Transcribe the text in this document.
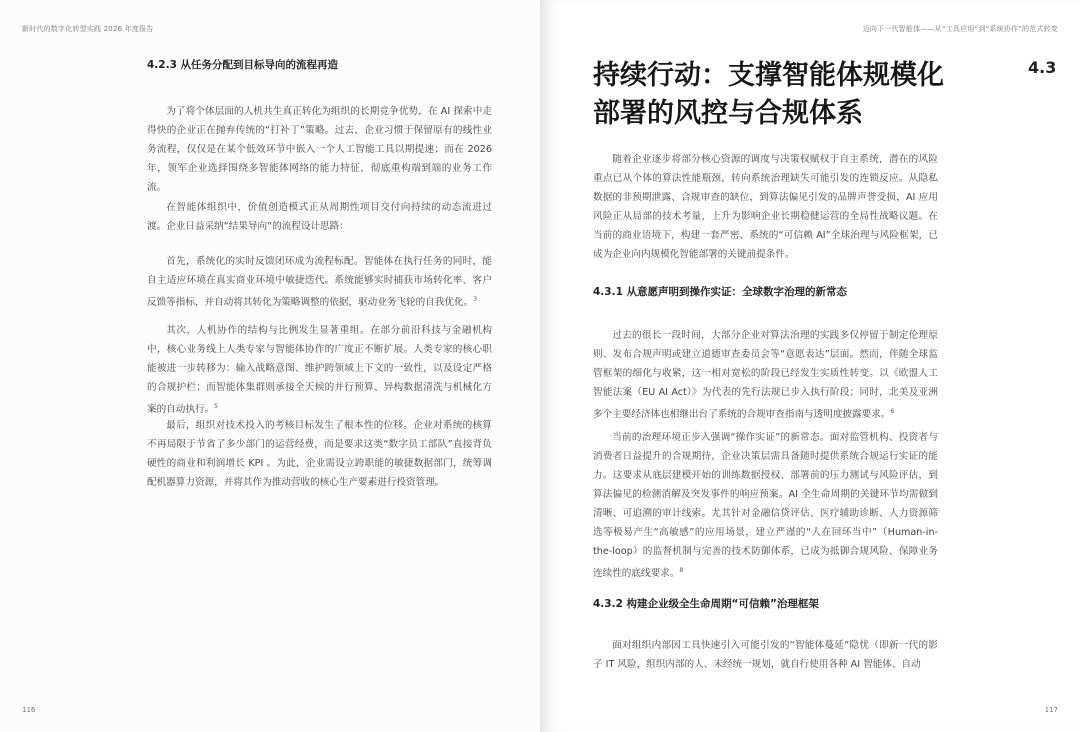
新时代的数字化转型实践 2026 年度报告
4.2.3 从任务分配到目标导向的流程再造

为了将个体层面的人机共生真正转化为组织的长期竞争优势，在 AI 探索中走得快的企业正在抛弃传统的“打补丁”策略。过去，企业习惯于保留原有的线性业务流程，仅仅是在某个低效环节中嵌入一个人工智能工具以期提速；而在 2026 年，领军企业选择围绕多智能体网络的能力特征，彻底重构端到端的业务工作流。

在智能体组织中，价值创造模式正从周期性项目交付向持续的动态流进过渡。企业日益采纳“结果导向”的流程设计思路：

首先，系统化的实时反馈闭环成为流程标配。智能体在执行任务的同时，能自主适应环境在真实商业环境中敏捷迭代。系统能够实时捕获市场转化率、客户反馈等指标，并自动将其转化为策略调整的依据，驱动业务飞轮的自我优化。$^3$

其次，人机协作的结构与比例发生显著重组。在部分前沿科技与金融机构中，核心业务线上人类专家与智能体协作的广度正不断扩展。人类专家的核心职能被进一步转移为：输入战略意图、维护跨领域上下文的一致性，以及设定严格的合规护栏；而智能体集群则承接全天候的并行预算、异构数据清洗与机械化方案的自动执行。$^5$

最后，组织对技术投入的考核目标发生了根本性的位移。企业对系统的核算不再局限于节省了多少部门的运营经费，而是要求这类“数字员工部队”直接背负硬性的商业和利润增长 KPI 。为此，企业需设立跨职能的敏捷数据部门，统筹调配机器算力资源，并将其作为推动营收的核心生产要素进行投资管理。

116
迈向下一代智能体——从“工具应用”到“系统协作”的范式转变
117
持续行动：支撑智能体规模化部署的风控与合规体系
4.3

随着企业逐步将部分核心资源的调度与决策权赋权于自主系统，潜在的风险重点已从个体的算法性能瓶颈，转向系统治理缺失可能引发的连锁反应。从隐私数据的非预期泄露、合规审查的缺位，到算法偏见引发的品牌声誉受损，AI 应用风险正从局部的技术考量，上升为影响企业长期稳健运营的全局性战略议题。在当前的商业语境下，构建一套严密、系统的“可信赖 AI”全球治理与风险框架，已成为企业向内规模化智能部署的关键前提条件。

4.3.1 从意愿声明到操作实证：全球数字治理的新常态

过去的很长一段时间，大部分企业对算法治理的实践多仅停留于制定伦理原则、发布合规声明或建立道德审查委员会等“意愿表达”层面。然而，伴随全球监管框架的细化与收紧，这一相对宽松的阶段已经发生实质性转变。以《欧盟人工智能法案（EU AI Act）》为代表的先行法规已步入执行阶段；同时，北美及亚洲多个主要经济体也相继出台了系统的合规审查指南与透明度披露要求。$^6$

当前的治理环境正步入强调“操作实证”的新常态。面对监管机构、投资者与消费者日益提升的合规期待，企业决策层需具备随时提供系统合规运行实证的能力。这要求从底层建模开始的训练数据授权、部署前的压力测试与风险评估，到算法偏见的检测消解及突发事件的响应预案。AI 全生命周期的关键环节均需做到清晰、可追溯的审计线索。尤其针对金融信贷评估、医疗辅助诊断、人力资源筛选等极易产生“高敏感”的应用场景，建立严谨的“人在回环当中”（Human-in-the-loop）的监督机制与完善的技术防御体系，已成为抵御合规风险、保障业务连续性的底线要求。$^8$

4.3.2 构建企业级全生命周期“可信赖”治理框架

面对组织内部因工具快速引入可能引发的“智能体蔓延”隐忧（即新一代的影子 IT 风险，组织内部的人、未经统一规划，就自行使用各种 AI 智能体、自动
